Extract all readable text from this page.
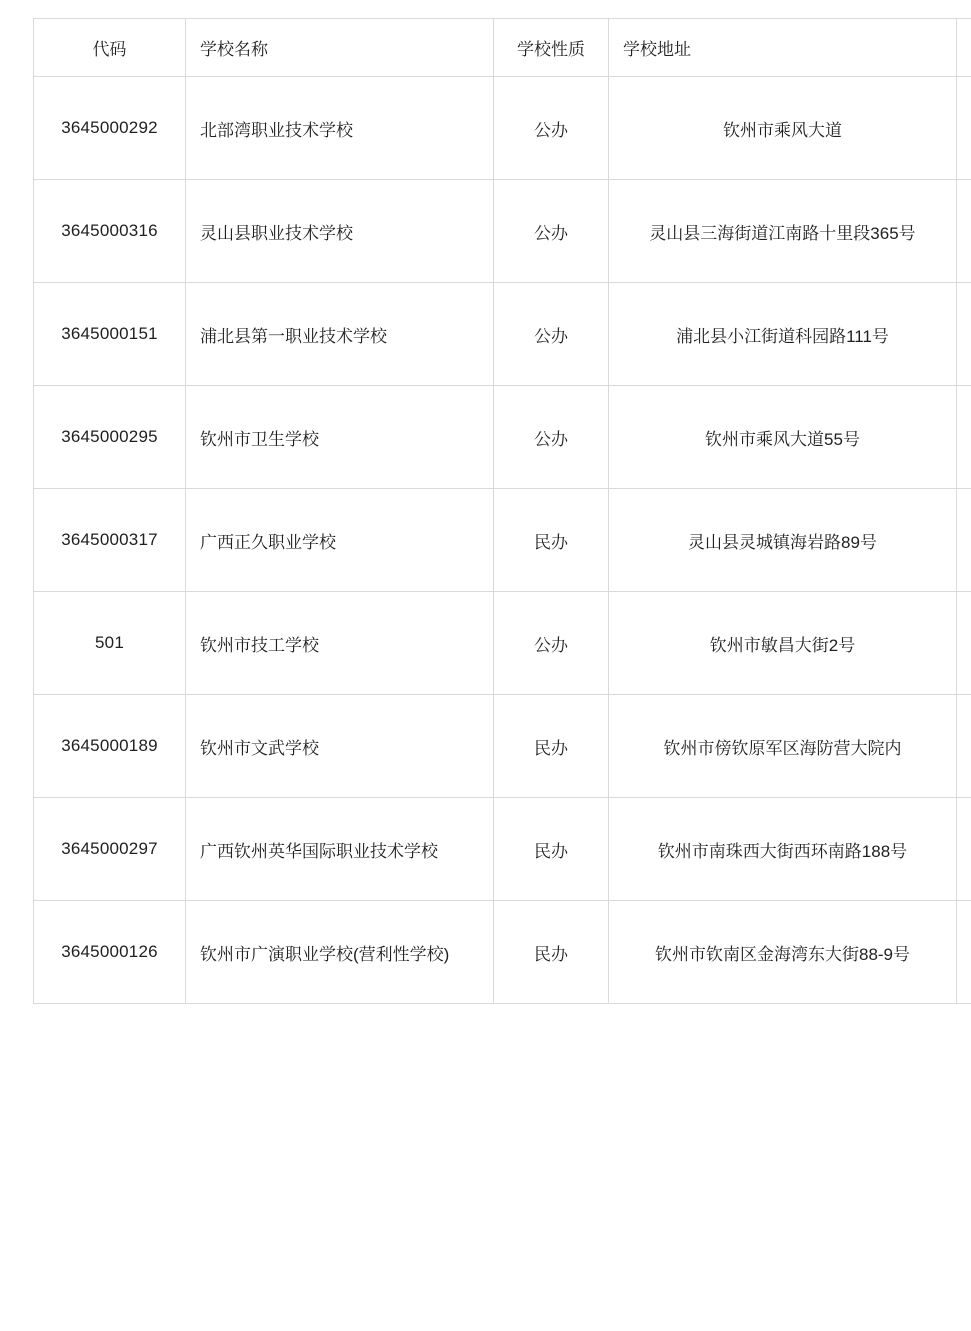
代码	学校名称	学校性质	学校地址	
3645000292	北部湾职业技术学校	公办	钦州市乘风大道	
3645000316	灵山县职业技术学校	公办	灵山县三海街道江南路十里段365号	
3645000151	浦北县第一职业技术学校	公办	浦北县小江街道科园路111号	
3645000295	钦州市卫生学校	公办	钦州市乘风大道55号	
3645000317	广西正久职业学校	民办	灵山县灵城镇海岩路89号	
501	钦州市技工学校	公办	钦州市敏昌大街2号	
3645000189	钦州市文武学校	民办	钦州市傍钦原军区海防营大院内	
3645000297	广西钦州英华国际职业技术学校	民办	钦州市南珠西大街西环南路188号	
3645000126	钦州市广演职业学校(营利性学校)	民办	钦州市钦南区金海湾东大街88-9号	
